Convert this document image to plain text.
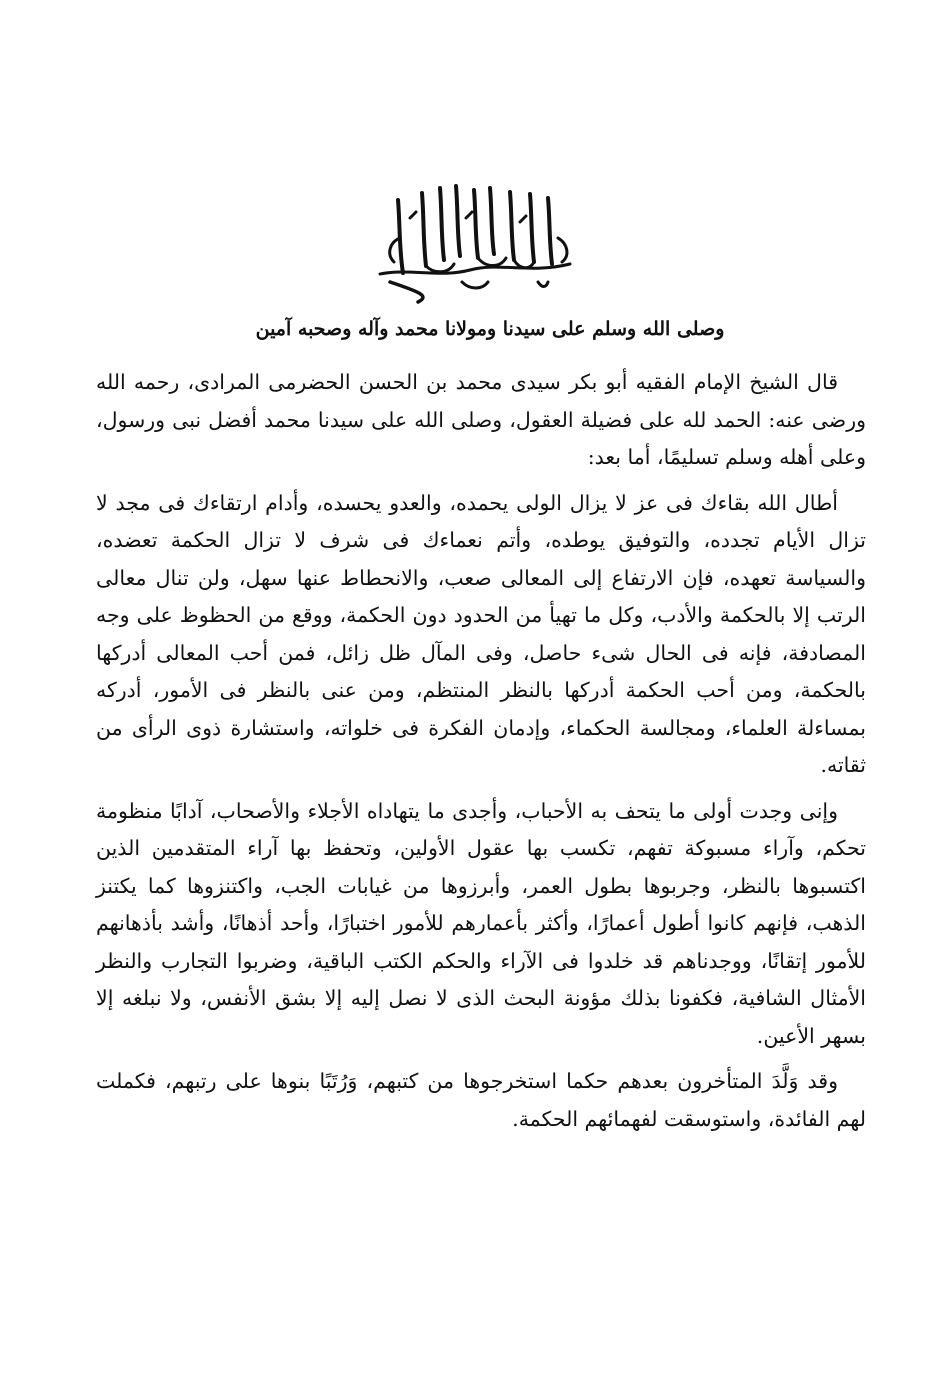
وصلى الله وسلم على سيدنا ومولانا محمد وآله وصحبه آمين

قال الشيخ الإمام الفقيه أبو بكر سيدى محمد بن الحسن الحضرمى المرادى، رحمه الله ورضى عنه: الحمد لله على فضيلة العقول، وصلى الله على سيدنا محمد أفضل نبى ورسول، وعلى أهله وسلم تسليمًا، أما بعد:

أطال الله بقاءك فى عز لا يزال الولى يحمده، والعدو يحسده، وأدام ارتقاءك فى مجد لا تزال الأيام تجدده، والتوفيق يوطده، وأتم نعماءك فى شرف لا تزال الحكمة تعضده، والسياسة تعهده، فإن الارتفاع إلى المعالى صعب، والانحطاط عنها سهل، ولن تنال معالى الرتب إلا بالحكمة والأدب، وكل ما تهيأ من الحدود دون الحكمة، ووقع من الحظوظ على وجه المصادفة، فإنه فى الحال شىء حاصل، وفى المآل ظل زائل، فمن أحب المعالى أدركها بالحكمة، ومن أحب الحكمة أدركها بالنظر المنتظم، ومن عنى بالنظر فى الأمور، أدركه بمساءلة العلماء، ومجالسة الحكماء، وإدمان الفكرة فى خلواته، واستشارة ذوى الرأى من ثقاته.

وإنى وجدت أولى ما يتحف به الأحباب، وأجدى ما يتهاداه الأجلاء والأصحاب، آدابًا منظومة تحكم، وآراء مسبوكة تفهم، تكسب بها عقول الأولين، وتحفظ بها آراء المتقدمين الذين اكتسبوها بالنظر، وجربوها بطول العمر، وأبرزوها من غيابات الجب، واكتنزوها كما يكتنز الذهب، فإنهم كانوا أطول أعمارًا، وأكثر بأعمارهم للأمور اختبارًا، وأحد أذهانًا، وأشد بأذهانهم للأمور إتقانًا، ووجدناهم قد خلدوا فى الآراء والحكم الكتب الباقية، وضربوا التجارب والنظر الأمثال الشافية، فكفونا بذلك مؤونة البحث الذى لا نصل إليه إلا بشق الأنفس، ولا نبلغه إلا بسهر الأعين.

وقد وَلَّدَ المتأخرون بعدهم حكما استخرجوها من كتبهم، وَرُتَبًا بنوها على رتبهم، فكملت لهم الفائدة، واستوسقت لفهمائهم الحكمة.
